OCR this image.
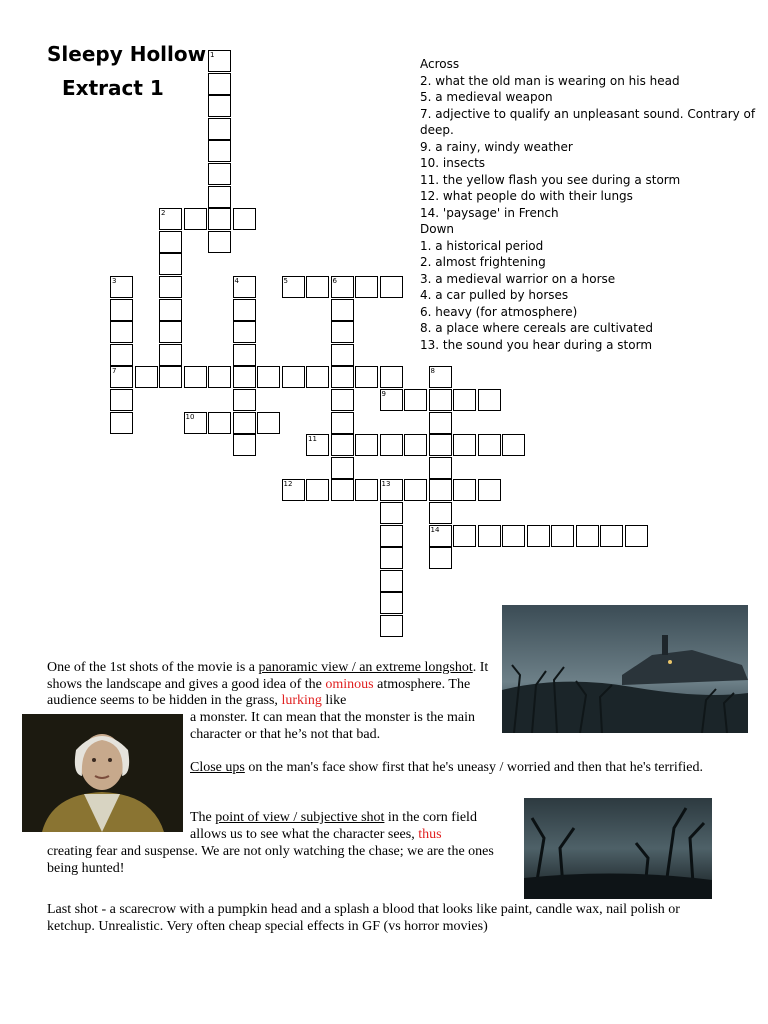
Sleepy Hollow
Extract 1
Across
2. what the old man is wearing on his head
5. a medieval weapon
7. adjective to qualify an unpleasant sound. Contrary of deep.
9. a rainy, windy weather
10. insects
11. the yellow flash you see during a storm
12. what people do with their lungs
14. 'paysage' in French
Down
1. a historical period
2. almost frightening
3. a medieval warrior on a horse
4. a car pulled by horses
6. heavy (for atmosphere)
8. a place where cereals are cultivated
13. the sound you hear during a storm
1
2
3
7
4	5	6
8
14
9
10
11
12	13
One of the 1st shots of the movie is a panoramic view / an extreme longshot. It shows the landscape and gives a good idea of the ominous atmosphere. The audience seems to be hidden in the grass, lurking like
a monster. It can mean that the monster is the main character or that he’s not that bad.
Close ups on the man's face show first that he's uneasy / worried and then that he's terrified.
The point of view / subjective shot in the corn field allows us to see what the character sees, thus
creating fear and suspense. We are not only watching the chase; we are the ones being hunted!
Last shot - a scarecrow with a pumpkin head and a splash a blood that looks like paint, candle wax, nail polish or ketchup. Unrealistic. Very often cheap special effects in GF (vs horror movies)
